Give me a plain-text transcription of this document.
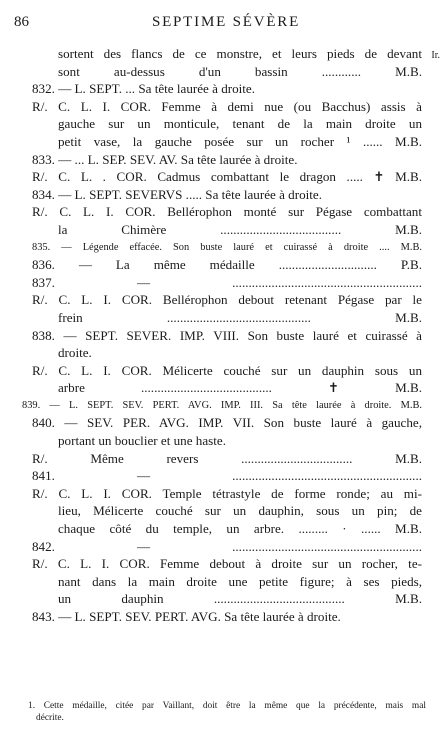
86	SEPTIME SÉVÈRE
Ir.
sortent des flancs de ce monstre, et leurs pieds de devant
sont au-dessus d'un bassin ............ M.B.
832. — L. SEPT. ... Sa tête laurée à droite.
R/. C. L. I. COR. Femme à demi nue (ou Bacchus) assis à
gauche sur un monticule, tenant de la main droite un
petit vase, la gauche posée sur un rocher ¹ ...... M.B.
833. — ... L. SEP. SEV. AV. Sa tête laurée à droite.
R/. C. L. . COR. Cadmus combattant le dragon ..... ✝ M.B.
834. — L. SEPT. SEVERVS ..... Sa tête laurée à droite.
R/. C. L. I. COR. Bellérophon monté sur Pégase combattant
la Chimère ..................................... M.B.
835. — Légende effacée. Son buste lauré et cuirassé à droite .... M.B.
836. — La même médaille .............................. P.B.
837. — ..........................................................
R/. C. L. I. COR. Bellérophon debout retenant Pégase par le
frein ............................................ M.B.
838. — SEPT. SEVER. IMP. VIII. Son buste lauré et cuirassé à
droite.
R/. C. L. I. COR. Mélicerte couché sur un dauphin sous un
arbre ........................................ ✝ M.B.
839. — L. SEPT. SEV. PERT. AVG. IMP. III. Sa tête laurée à droite. M.B.
840. — SEV. PER. AVG. IMP. VII. Son buste lauré à gauche,
portant un bouclier et une haste.
R/. Même revers .................................. M.B.
841. — ..........................................................
R/. C. L. I. COR. Temple tétrastyle de forme ronde; au mi-
lieu, Mélicerte couché sur un dauphin, sous un pin; de
chaque côté du temple, un arbre. ......... · ...... M.B.
842. — ..........................................................
R/. C. L. I. COR. Femme debout à droite sur un rocher, te-
nant dans la main droite une petite figure; à ses pieds,
un dauphin ........................................ M.B.
843. — L. SEPT. SEV. PERT. AVG. Sa tête laurée à droite.
1. Cette médaille, citée par Vaillant, doit être la même que la précédente, mais mal
décrite.
